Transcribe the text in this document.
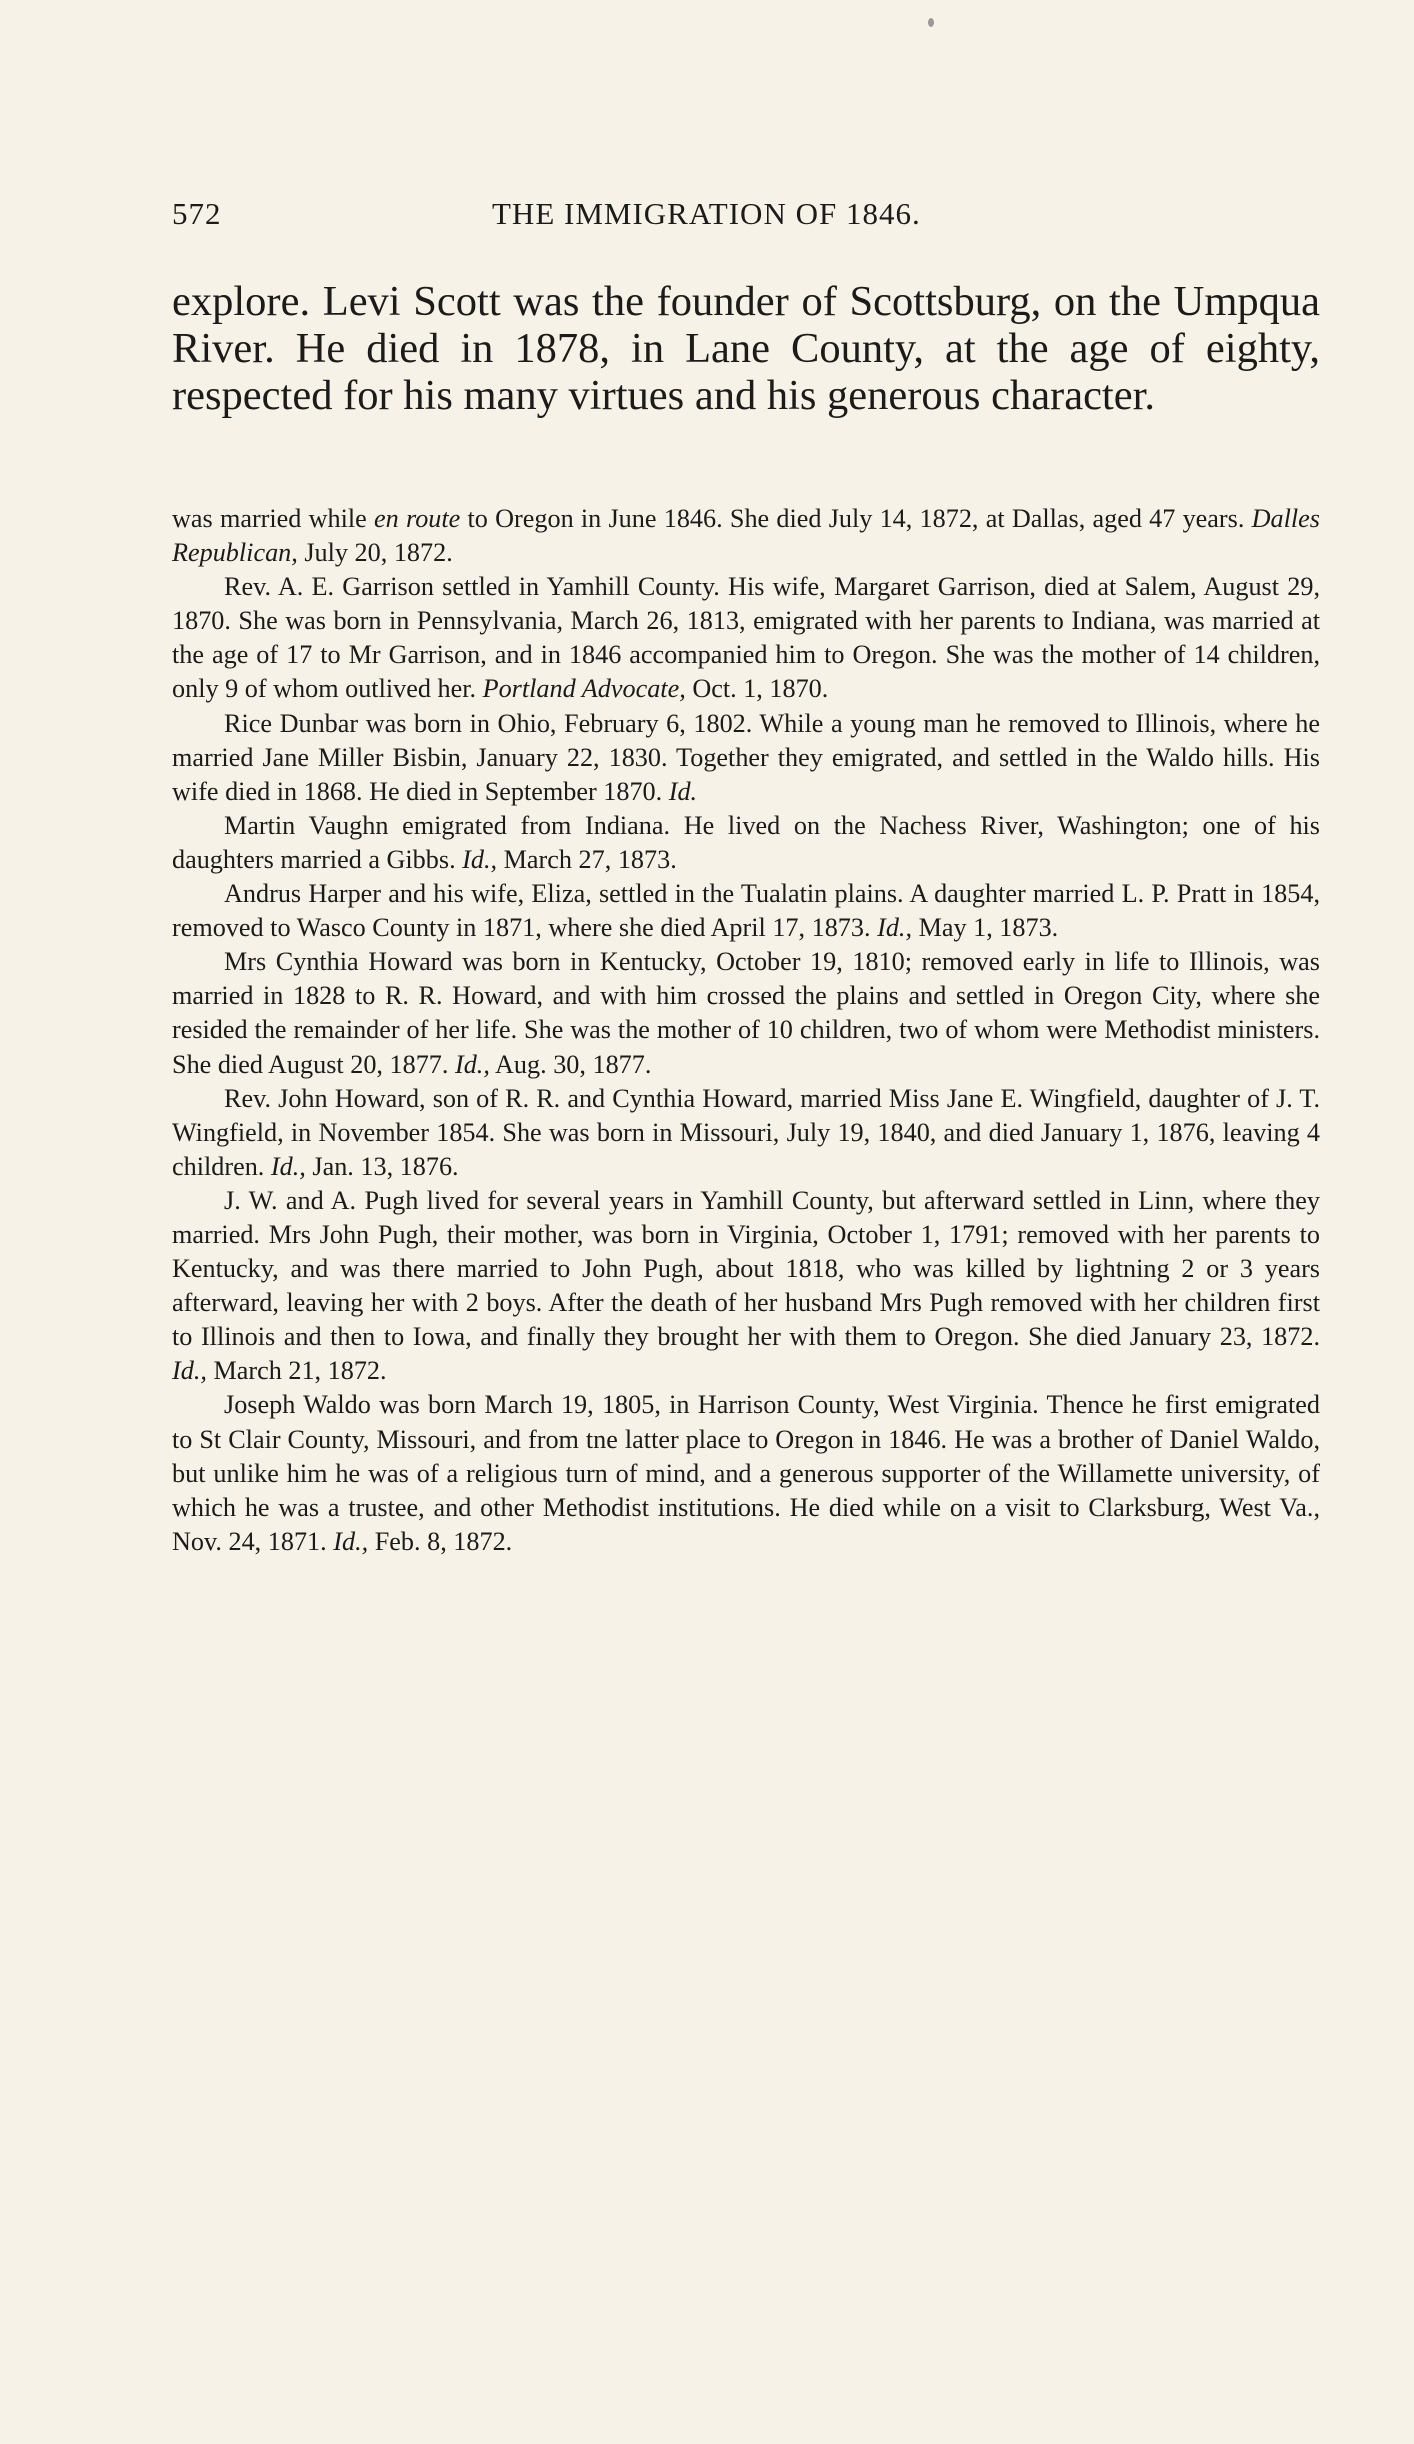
572	THE IMMIGRATION OF 1846.

explore. Levi Scott was the founder of Scottsburg, on the Umpqua River. He died in 1878, in Lane County, at the age of eighty, respected for his many virtues and his generous character.

was married while en route to Oregon in June 1846. She died July 14, 1872, at Dallas, aged 47 years. Dalles Republican, July 20, 1872.

Rev. A. E. Garrison settled in Yamhill County. His wife, Margaret Garrison, died at Salem, August 29, 1870. She was born in Pennsylvania, March 26, 1813, emigrated with her parents to Indiana, was married at the age of 17 to Mr Garrison, and in 1846 accompanied him to Oregon. She was the mother of 14 children, only 9 of whom outlived her. Portland Advocate, Oct. 1, 1870.

Rice Dunbar was born in Ohio, February 6, 1802. While a young man he removed to Illinois, where he married Jane Miller Bisbin, January 22, 1830. Together they emigrated, and settled in the Waldo hills. His wife died in 1868. He died in September 1870. Id.

Martin Vaughn emigrated from Indiana. He lived on the Nachess River, Washington; one of his daughters married a Gibbs. Id., March 27, 1873.

Andrus Harper and his wife, Eliza, settled in the Tualatin plains. A daughter married L. P. Pratt in 1854, removed to Wasco County in 1871, where she died April 17, 1873. Id., May 1, 1873.

Mrs Cynthia Howard was born in Kentucky, October 19, 1810; removed early in life to Illinois, was married in 1828 to R. R. Howard, and with him crossed the plains and settled in Oregon City, where she resided the remainder of her life. She was the mother of 10 children, two of whom were Methodist ministers. She died August 20, 1877. Id., Aug. 30, 1877.

Rev. John Howard, son of R. R. and Cynthia Howard, married Miss Jane E. Wingfield, daughter of J. T. Wingfield, in November 1854. She was born in Missouri, July 19, 1840, and died January 1, 1876, leaving 4 children. Id., Jan. 13, 1876.

J. W. and A. Pugh lived for several years in Yamhill County, but afterward settled in Linn, where they married. Mrs John Pugh, their mother, was born in Virginia, October 1, 1791; removed with her parents to Kentucky, and was there married to John Pugh, about 1818, who was killed by lightning 2 or 3 years afterward, leaving her with 2 boys. After the death of her husband Mrs Pugh removed with her children first to Illinois and then to Iowa, and finally they brought her with them to Oregon. She died January 23, 1872. Id., March 21, 1872.

Joseph Waldo was born March 19, 1805, in Harrison County, West Virginia. Thence he first emigrated to St Clair County, Missouri, and from tne latter place to Oregon in 1846. He was a brother of Daniel Waldo, but unlike him he was of a religious turn of mind, and a generous supporter of the Willamette university, of which he was a trustee, and other Methodist institutions. He died while on a visit to Clarksburg, West Va., Nov. 24, 1871. Id., Feb. 8, 1872.
